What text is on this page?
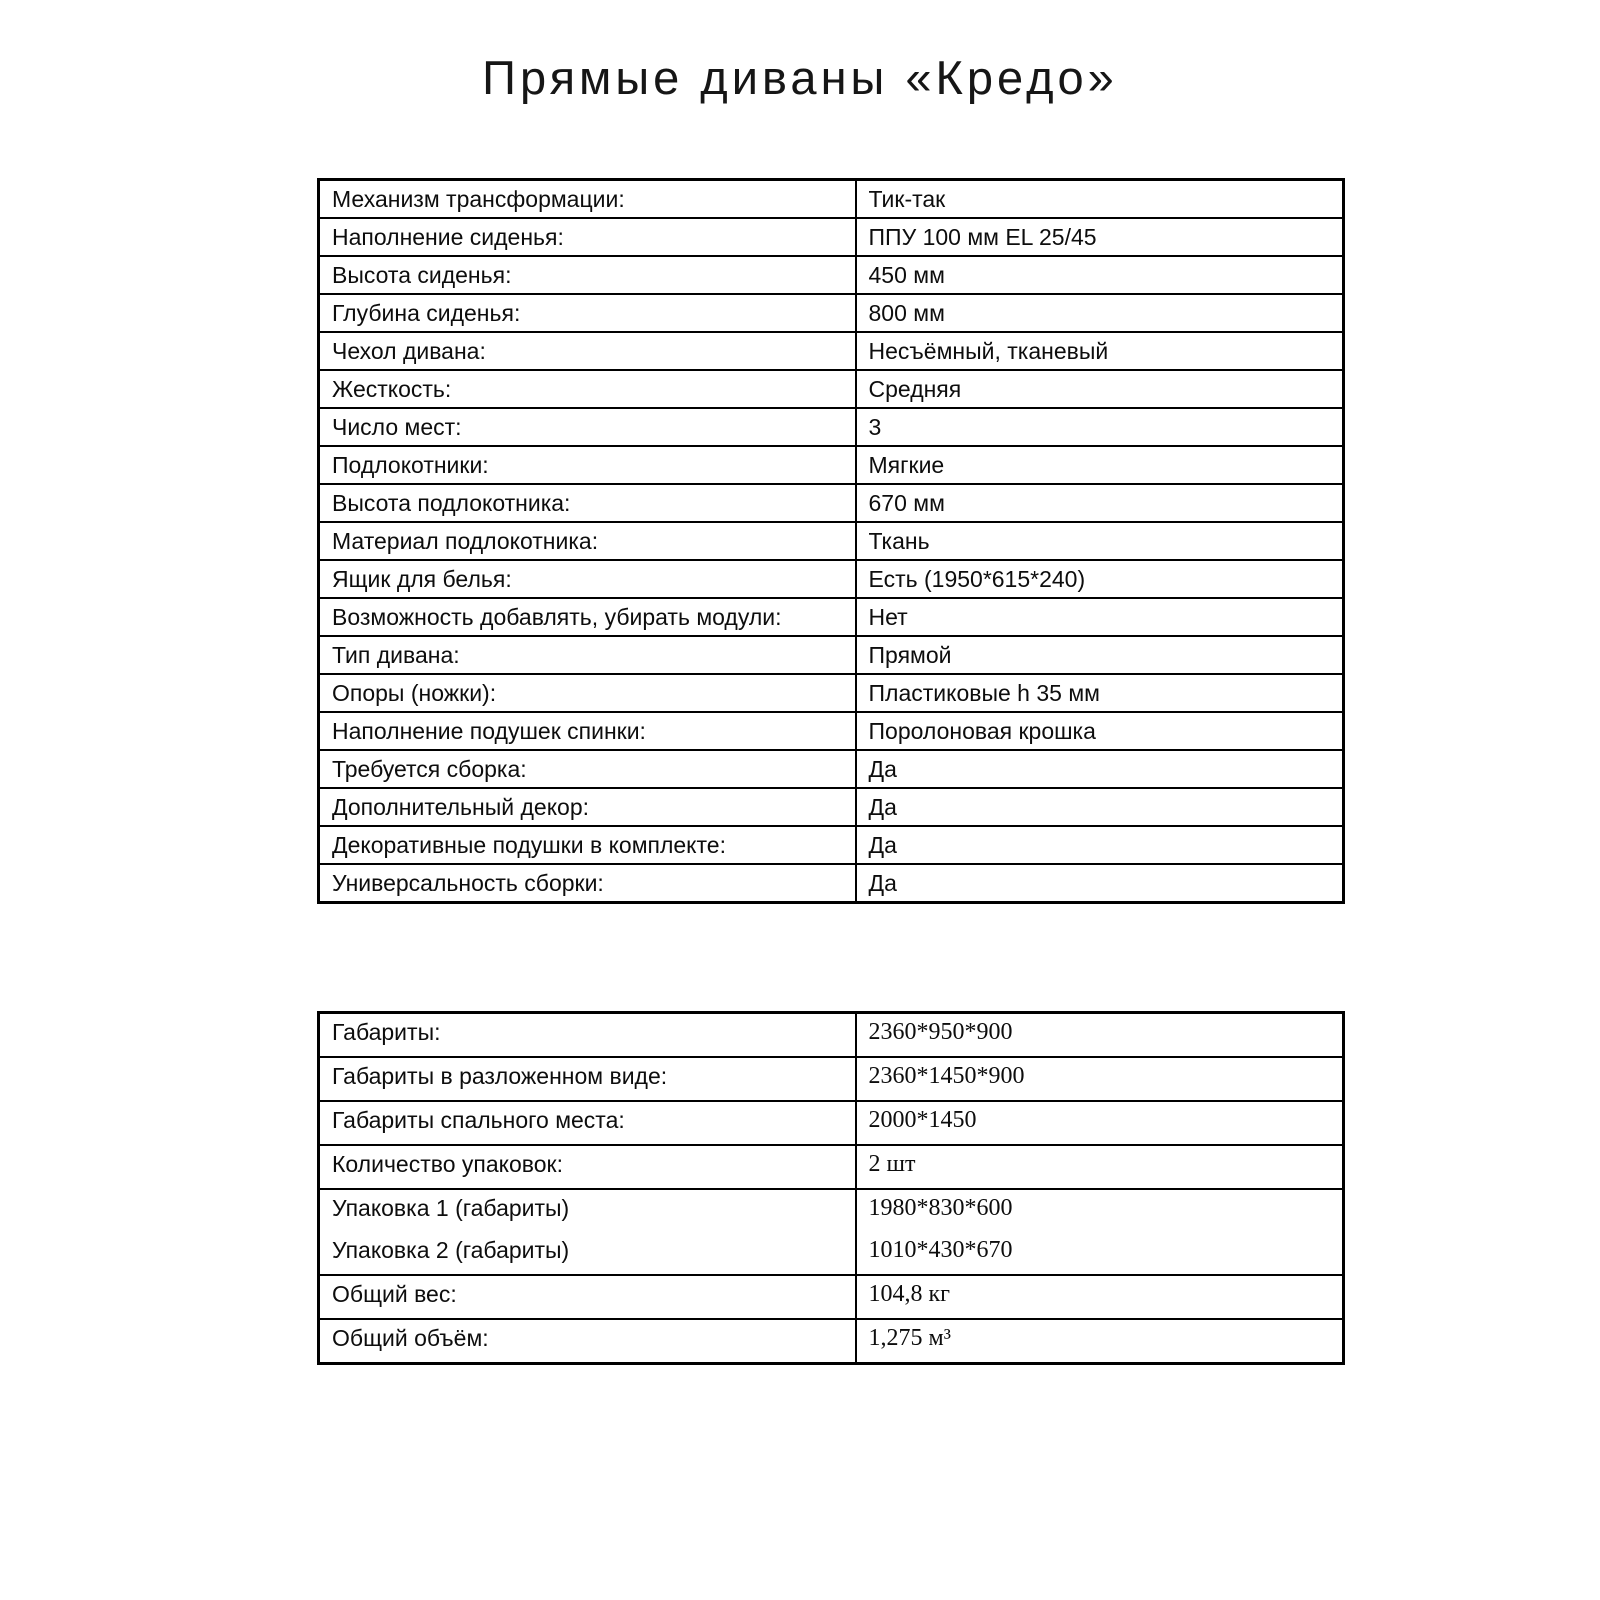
Прямые диваны «Кредо»
Механизм трансформации:	Тик-так
Наполнение сиденья:	ППУ 100 мм EL 25/45
Высота сиденья:	450 мм
Глубина сиденья:	800 мм
Чехол дивана:	Несъёмный, тканевый
Жесткость:	Средняя
Число мест:	3
Подлокотники:	Мягкие
Высота подлокотника:	670 мм
Материал подлокотника:	Ткань
Ящик для белья:	Есть (1950*615*240)
Возможность добавлять, убирать модули:	Нет
Тип дивана:	Прямой
Опоры (ножки):	Пластиковые h 35 мм
Наполнение подушек спинки:	Поролоновая крошка
Требуется сборка:	Да
Дополнительный декор:	Да
Декоративные подушки в комплекте:	Да
Универсальность сборки:	Да
Габариты:	2360*950*900
Габариты в разложенном виде:	2360*1450*900
Габариты спального места:	2000*1450
Количество упаковок:	2 шт
Упаковка 1 (габариты)	1980*830*600
Упаковка 2 (габариты)	1010*430*670
Общий вес:	104,8 кг
Общий объём:	1,275 м³
